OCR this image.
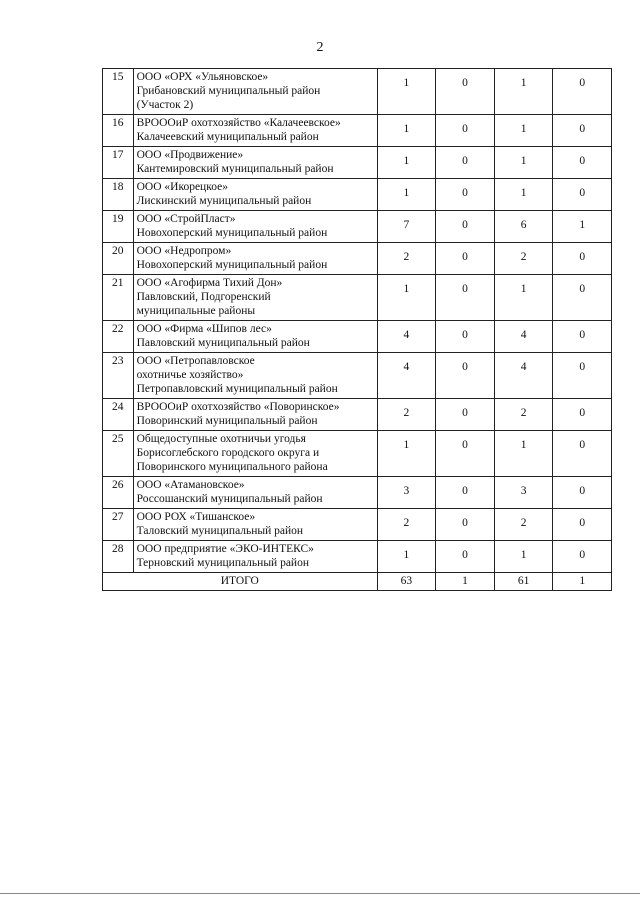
2
15	ООО «ОРХ «Ульяновское»
Грибановский муниципальный район
(Участок 2)	1	0	1	0
16	ВРОООиР охотхозяйство «Калачеевское»
Калачеевский муниципальный район	1	0	1	0
17	ООО «Продвижение»
Кантемировский муниципальный район	1	0	1	0
18	ООО «Икорецкое»
Лискинский муниципальный район	1	0	1	0
19	ООО «СтройПласт»
Новохоперский муниципальный район	7	0	6	1
20	ООО «Недропром»
Новохоперский муниципальный район	2	0	2	0
21	ООО «Агофирма Тихий Дон»
Павловский, Подгоренский
муниципальные районы	1	0	1	0
22	ООО «Фирма «Шипов лес»
Павловский муниципальный район	4	0	4	0
23	ООО «Петропавловское
охотничье хозяйство»
Петропавловский муниципальный район	4	0	4	0
24	ВРОООиР охотхозяйство «Поворинское»
Поворинский муниципальный район	2	0	2	0
25	Общедоступные охотничьи угодья
Борисоглебского городского округа и
Поворинского муниципального района	1	0	1	0
26	ООО «Атамановское»
Россошанский муниципальный район	3	0	3	0
27	ООО РОХ «Тишанское»
Таловский муниципальный район	2	0	2	0
28	ООО предприятие «ЭКО-ИНТЕКС»
Терновский муниципальный район	1	0	1	0
ИТОГО		63	1	61	1
